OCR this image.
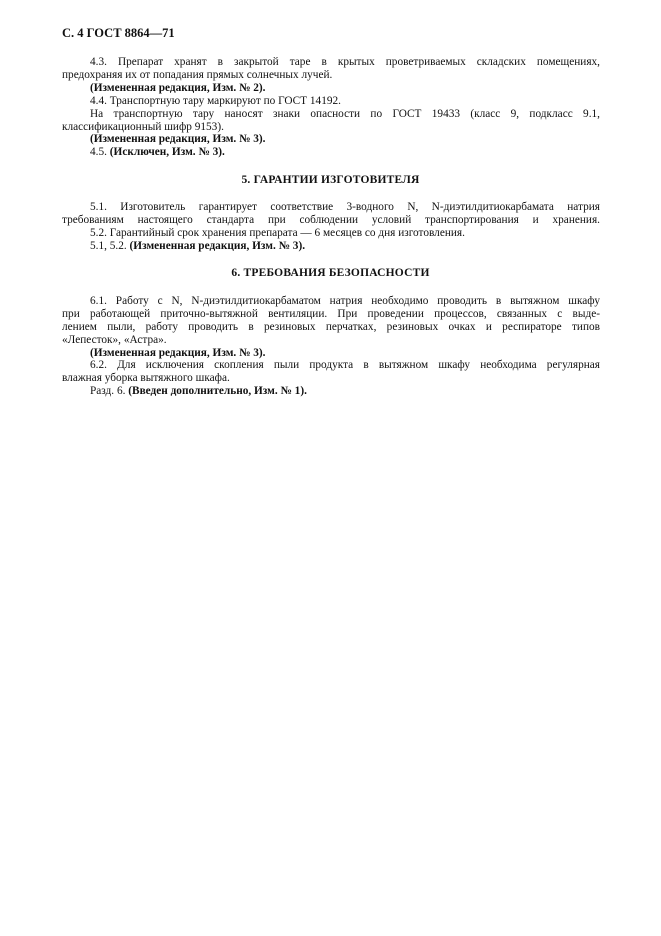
С. 4 ГОСТ 8864—71
4.3. Препарат хранят в закрытой таре в крытых проветриваемых складских помещениях,
предохраняя их от попадания прямых солнечных лучей.
(Измененная редакция, Изм. № 2).
4.4. Транспортную тару маркируют по ГОСТ 14192.
На транспортную тару наносят знаки опасности по ГОСТ 19433 (класс 9, подкласс 9.1,
классификационный шифр 9153).
(Измененная редакция, Изм. № 3).
4.5. (Исключен, Изм. № 3).
5. ГАРАНТИИ ИЗГОТОВИТЕЛЯ
5.1. Изготовитель гарантирует соответствие 3-водного N, N-диэтилдитиокарбамата натрия
требованиям настоящего стандарта при соблюдении условий транспортирования и хранения.
5.2. Гарантийный срок хранения препарата — 6 месяцев со дня изготовления.
5.1, 5.2. (Измененная редакция, Изм. № 3).
6. ТРЕБОВАНИЯ БЕЗОПАСНОСТИ
6.1. Работу с N, N-диэтилдитиокарбаматом натрия необходимо проводить в вытяжном шкафу
при работающей приточно-вытяжной вентиляции. При проведении процессов, связанных с выде-
лением пыли, работу проводить в резиновых перчатках, резиновых очках и респираторе типов
«Лепесток», «Астра».
(Измененная редакция, Изм. № 3).
6.2. Для исключения скопления пыли продукта в вытяжном шкафу необходима регулярная
влажная уборка вытяжного шкафа.
Разд. 6. (Введен дополнительно, Изм. № 1).
